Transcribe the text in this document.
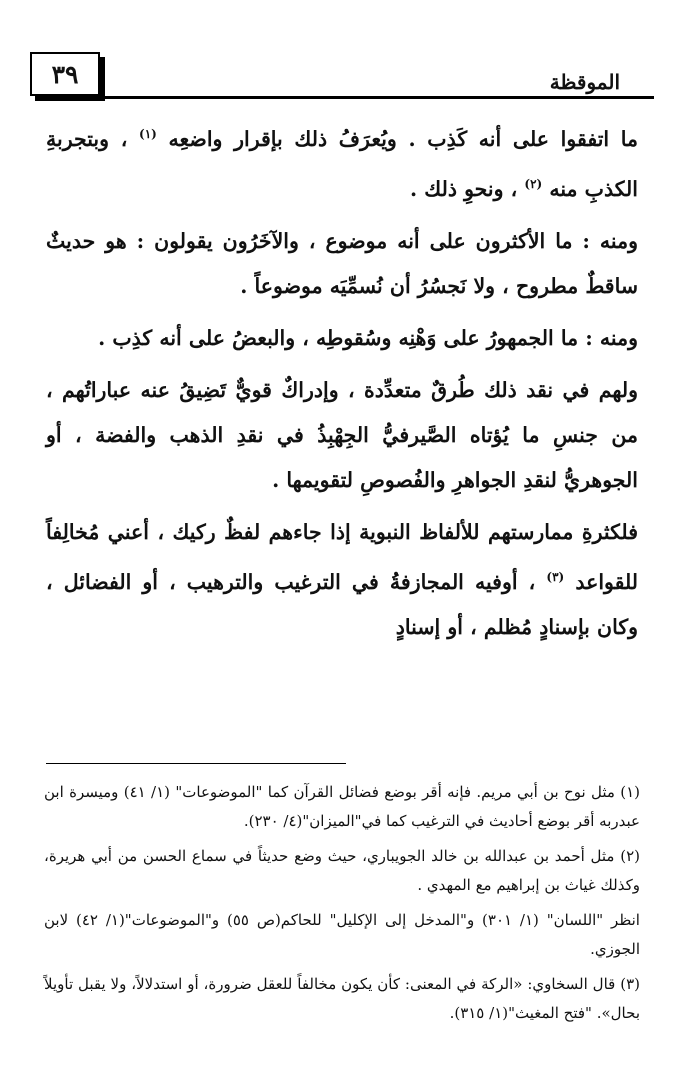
٣٩	الموقظة

ما اتفقوا على أنه كَذِب . ويُعرَفُ ذلك بإقرار واضعِه $^{(١)}$ ، وبتجربةِ الكذبِ منه $^{(٢)}$ ، ونحوِ ذلك .

ومنه : ما الأكثرون على أنه موضوع ، والآخَرُون يقولون : هو حديثٌ ساقطٌ مطروح ، ولا نَجسُرُ أن نُسمِّيَه موضوعاً .

ومنه : ما الجمهورُ على وَهْنِه وسُقوطِه ، والبعضُ على أنه كذِب .

ولهم في نقد ذلك طُرقٌ متعدِّدة ، وإدراكٌ قويٌّ تَضِيقُ عنه عباراتُهم ، من جنسِ ما يُؤتاه الصَّيرفيُّ الجِهْبِذُ في نقدِ الذهب والفضة ، أو الجوهريُّ لنقدِ الجواهرِ والفُصوصِ لتقويمها .

فلكثرةِ ممارستهم للألفاظ النبوية إذا جاءهم لفظٌ ركيك ، أعني مُخالِفاً للقواعد $^{(٣)}$ ، أوفيه المجازفةُ في الترغيب والترهيب ، أو الفضائل ، وكان بإسنادٍ مُظلم ، أو إسنادٍ

(١) مثل نوح بن أبي مريم. فإنه أقر بوضع فضائل القرآن كما "الموضوعات" (١/ ٤١) وميسرة ابن عبدربه أقر بوضع أحاديث في الترغيب كما في"الميزان"(٤/ ٢٣٠).

(٢) مثل أحمد بن عبدالله بن خالد الجويباري، حيث وضع حديثاً في سماع الحسن من أبي هريرة، وكذلك غياث بن إبراهيم مع المهدي .

انظر "اللسان" (١/ ٣٠١) و"المدخل إلى الإكليل" للحاكم(ص ٥٥) و"الموضوعات"(١/ ٤٢) لابن الجوزي.

(٣) قال السخاوي: «الركة في المعنى: كأن يكون مخالفاً للعقل ضرورة، أو استدلالاً، ولا يقبل تأويلاً بحال». "فتح المغيث"(١/ ٣١٥).
